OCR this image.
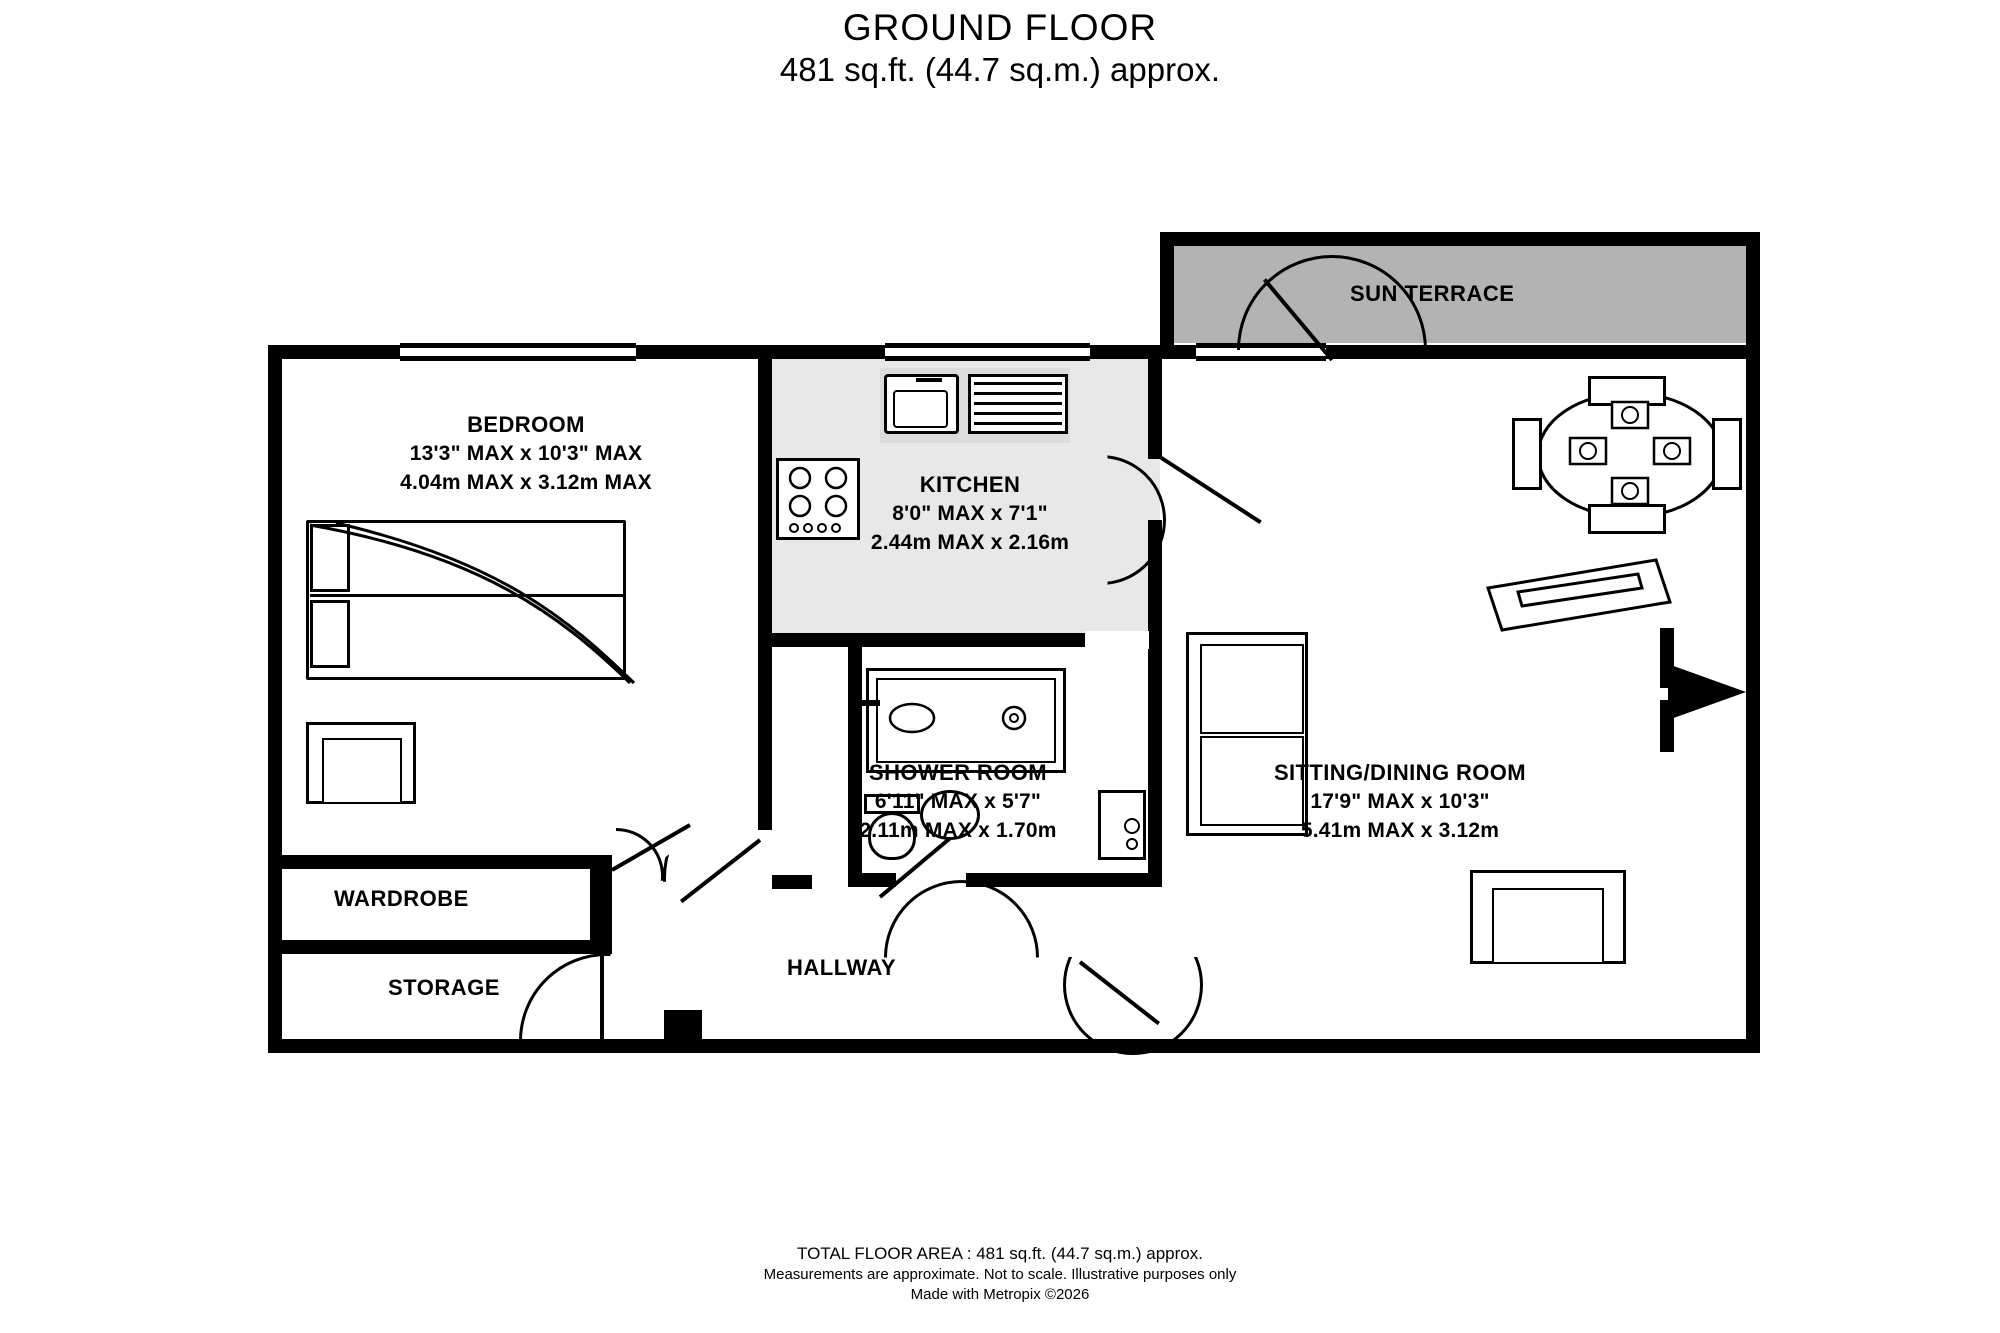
GROUND FLOOR
481 sq.ft. (44.7 sq.m.) approx.
BEDROOM
13'3" MAX x 10'3" MAX
4.04m MAX x 3.12m MAX	KITCHEN
8'0" MAX x 7'1"
2.44m MAX x 2.16m
SHOWER ROOM
6'11" MAX x 5'7"
2.11m MAX x 1.70m
SITTING/DINING ROOM
17'9" MAX x 10'3"
5.41m MAX x 3.12m
SUN TERRACE
WARDROBE
STORAGE
HALLWAY
TOTAL FLOOR AREA : 481 sq.ft. (44.7 sq.m.) approx.
Measurements are approximate. Not to scale. Illustrative purposes only
Made with Metropix ©2026
